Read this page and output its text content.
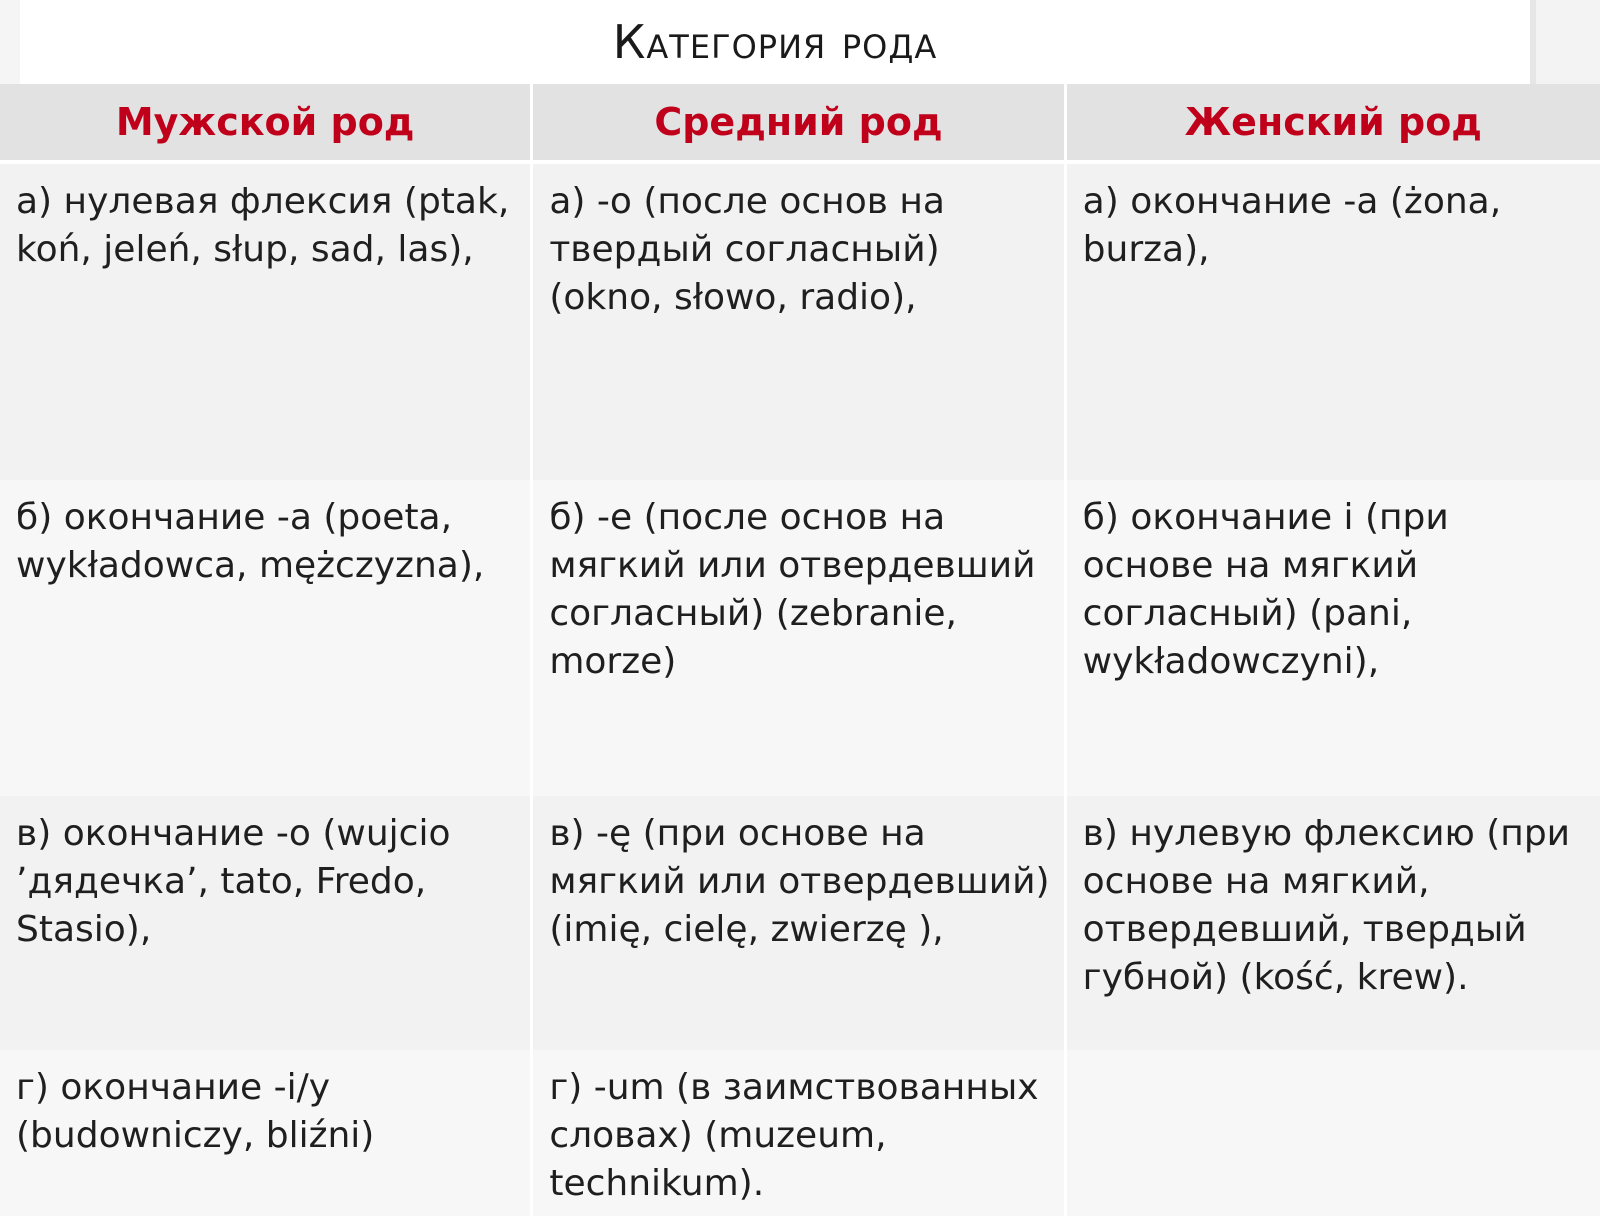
Категория рода
Мужской род	Средний род	Женский род
а) нулевая флексия (ptak, koń, jeleń, słup, sad, las),	а) -o (после основ на твердый согласный) (okno, słowo, radio),	а) окончание -a (żona, burza),
б) окончание -a (poeta, wykładowca, mężczyzna),	б) -e (после основ на мягкий или отвердевший согласный) (zebranie, morze)	б) окончание i (при основе на мягкий согласный) (pani, wykładowczyni),
в) окончание -o (wujcio ’дядечка’, tato, Fredo, Stasio),	в) -ę (при основе на мягкий или отвердевший) (imię, cielę, zwierzę ),	в) нулевую флексию (при основе на мягкий, отвердевший, твердый губной) (kość, krew).
г) окончание -i/y (budowniczy, bliźni)	г) -um (в заимствованных словах) (muzeum, technikum).	
